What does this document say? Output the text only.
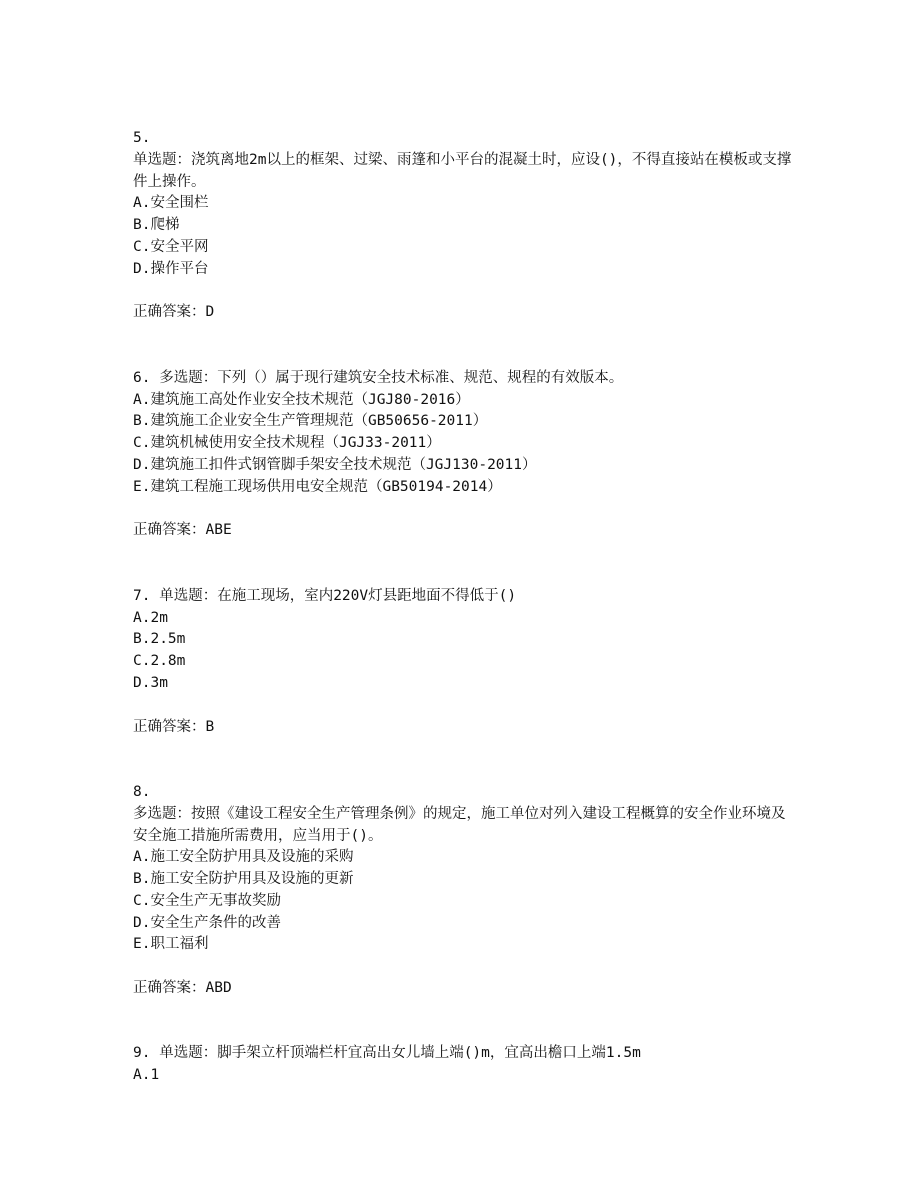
5.
单选题：浇筑离地2m以上的框架、过梁、雨篷和小平台的混凝土时，应设()，不得直接站在模板或支撑件上操作。
A.安全围栏
B.爬梯
C.安全平网
D.操作平台
正确答案：D
6. 多选题：下列（）属于现行建筑安全技术标准、规范、规程的有效版本。
A.建筑施工高处作业安全技术规范（JGJ80-2016）
B.建筑施工企业安全生产管理规范（GB50656-2011）
C.建筑机械使用安全技术规程（JGJ33-2011）
D.建筑施工扣件式钢管脚手架安全技术规范（JGJ130-2011）
E.建筑工程施工现场供用电安全规范（GB50194-2014）
正确答案：ABE
7. 单选题：在施工现场，室内220V灯县距地面不得低于()
A.2m
B.2.5m
C.2.8m
D.3m
正确答案：B
8.
多选题：按照《建设工程安全生产管理条例》的规定，施工单位对列入建设工程概算的安全作业环境及安全施工措施所需费用，应当用于()。
A.施工安全防护用具及设施的采购
B.施工安全防护用具及设施的更新
C.安全生产无事故奖励
D.安全生产条件的改善
E.职工福利
正确答案：ABD
9. 单选题：脚手架立杆顶端栏杆宜高出女儿墙上端()m，宜高出檐口上端1.5m
A.1
